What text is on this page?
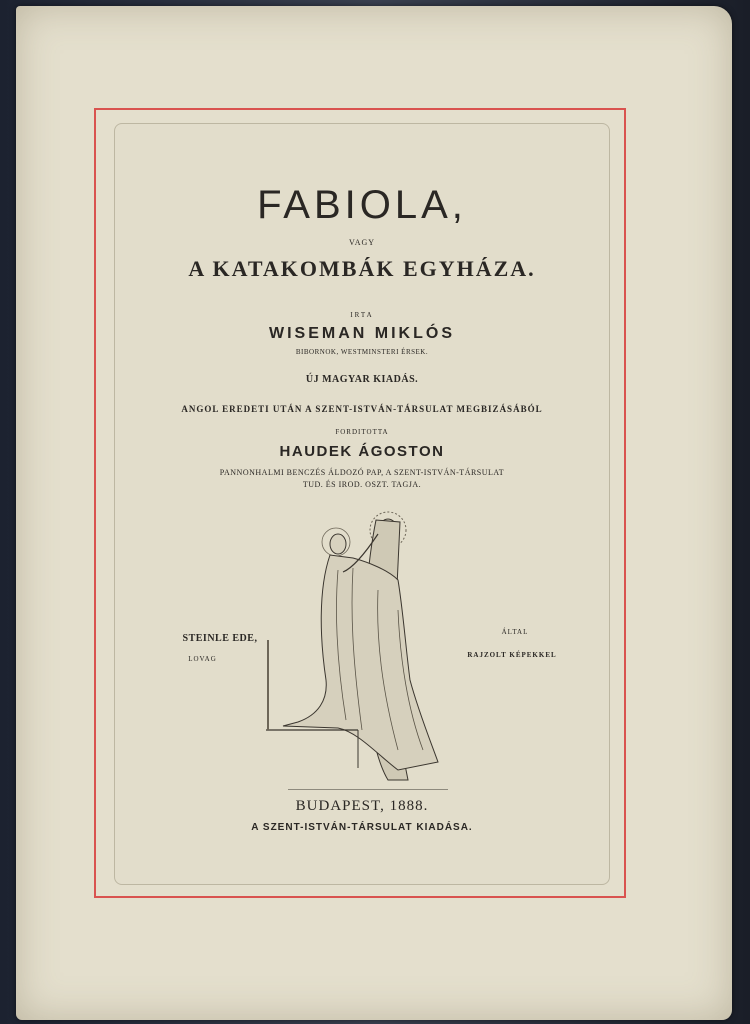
FABIOLA,
VAGY
A KATAKOMBÁK EGYHÁZA.
IRTA
WISEMAN MIKLÓS
BIBORNOK, WESTMINSTERI ÉRSEK.
ÚJ MAGYAR KIADÁS.
ANGOL EREDETI UTÁN A SZENT-ISTVÁN-TÁRSULAT MEGBIZÁSÁBÓL
FORDITOTTA
HAUDEK ÁGOSTON
PANNONHALMI BENCZÉS ÁLDOZÓ PAP, A SZENT-ISTVÁN-TÁRSULAT
TUD. ÉS IROD. OSZT. TAGJA.
STEINLE EDE,
LOVAG
ÁLTAL
RAJZOLT KÉPEKKEL
BUDAPEST, 1888.
A SZENT-ISTVÁN-TÁRSULAT KIADÁSA.
